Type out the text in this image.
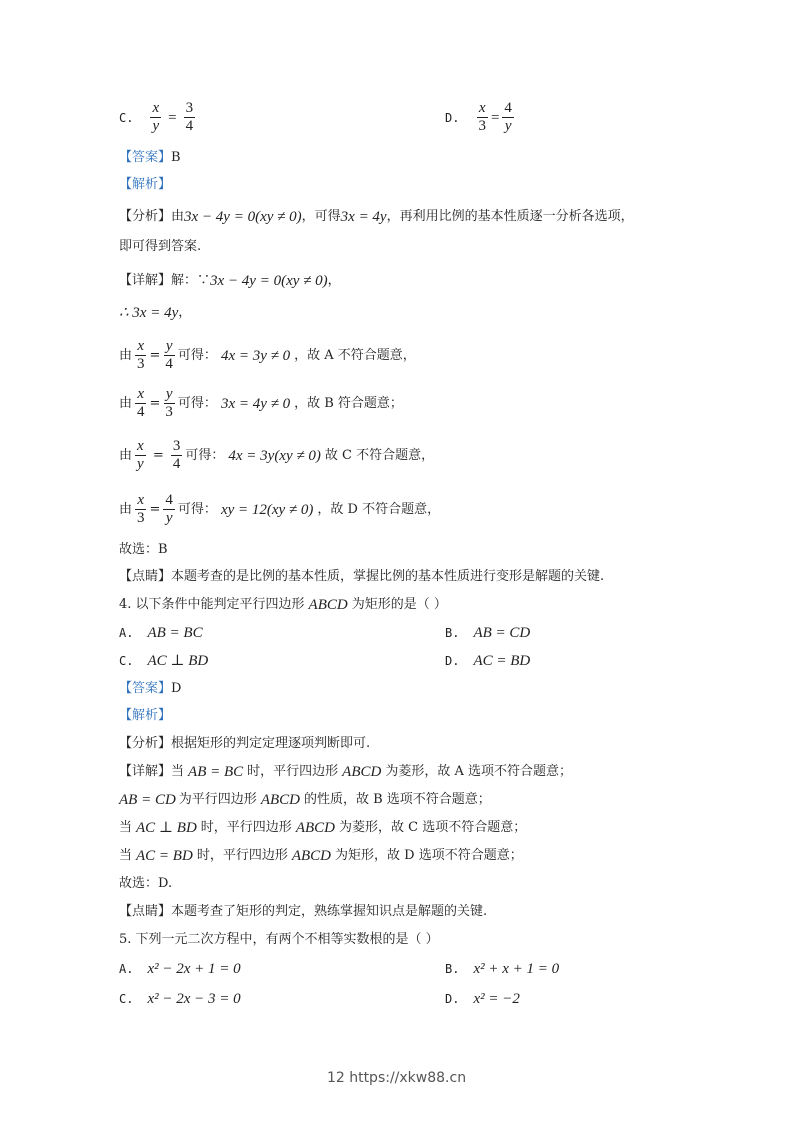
C. $\frac{x}{y} = \frac{3}{4}$	D. $\frac{x}{3} = \frac{4}{y}$
【答案】 B
【解析】
【分析】 由 3x − 4y = 0(xy ≠ 0) ，可得 3x = 4y ，再利用比例的基本性质逐一分析各选项，
即可得到答案.
【详解】 解：∵ 3x − 4y = 0(xy ≠ 0) ，
∴ 3x = 4y ，
由 $\frac{x}{3} = \frac{y}{4}$ 可得： 4x = 3y ≠ 0 ，故 A 不符合题意，
由 $\frac{x}{4} = \frac{y}{3}$ 可得： 3x = 4y ≠ 0 ，故 B 符合题意；
由 $\frac{x}{y} = \frac{3}{4}$ 可得： 4x = 3y(xy ≠ 0) 故 C 不符合题意，
由 $\frac{x}{3} = \frac{4}{y}$ 可得： xy = 12(xy ≠ 0) ，故 D 不符合题意，
故选：B
【点睛】 本题考查的是比例的基本性质，掌握比例的基本性质进行变形是解题的关键.
4. 以下条件中能判定平行四边形 ABCD 为矩形的是（ ）
A. AB = BC	B. AB = CD
C. AC ⊥ BD	D. AC = BD
【答案】 D
【解析】
【分析】 根据矩形的判定定理逐项判断即可.
【详解】 当 AB = BC 时，平行四边形 ABCD 为菱形，故 A 选项不符合题意；
AB = CD 为平行四边形 ABCD 的性质，故 B 选项不符合题意；
当 AC ⊥ BD 时，平行四边形 ABCD 为菱形，故 C 选项不符合题意；
当 AC = BD 时，平行四边形 ABCD 为矩形，故 D 选项不符合题意；
故选：D.
【点睛】 本题考查了矩形的判定，熟练掌握知识点是解题的关键.
5. 下列一元二次方程中，有两个不相等实数根的是（ ）
A. x² − 2x + 1 = 0	B. x² + x + 1 = 0
C. x² − 2x − 3 = 0	D. x² = −2
12 https://xkw88.cn
